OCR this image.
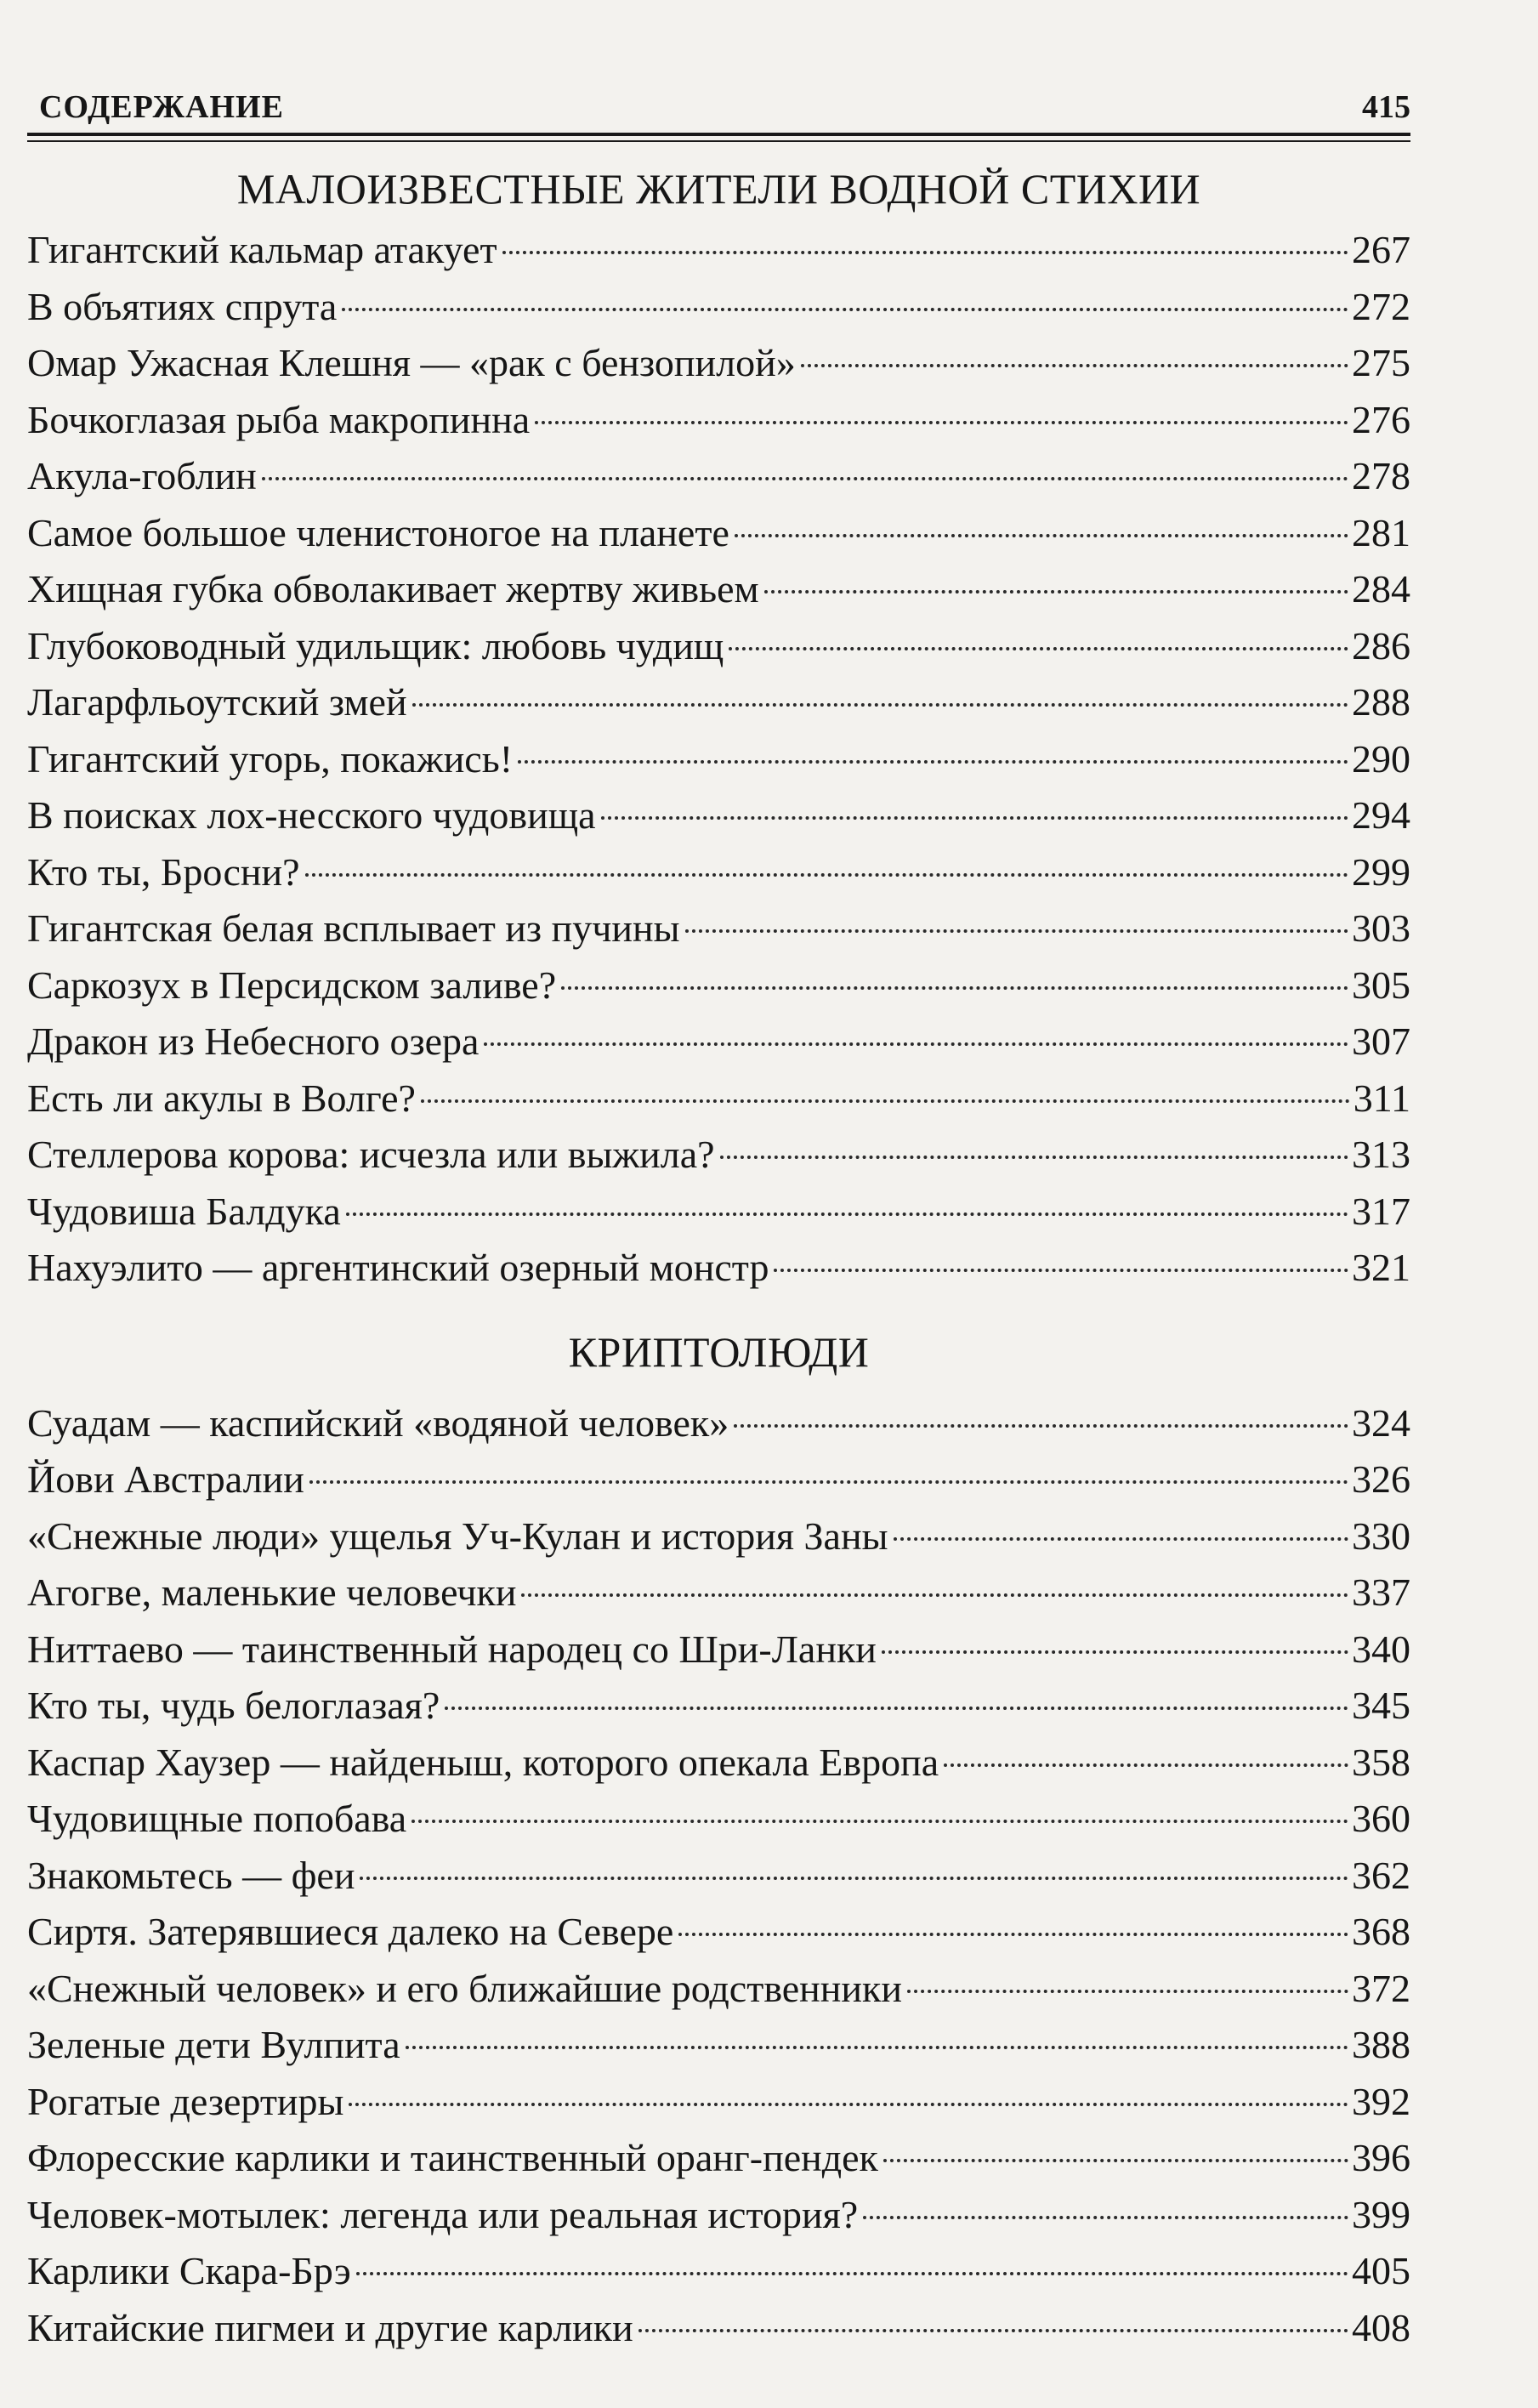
СОДЕРЖАНИЕ	415
МАЛОИЗВЕСТНЫЕ ЖИТЕЛИ ВОДНОЙ СТИХИИ
Гигантский кальмар атакует	267
В объятиях спрута	272
Омар Ужасная Клешня — «рак с бензопилой»	275
Бочкоглазая рыба макропинна	276
Акула-гоблин	278
Самое большое членистоногое на планете	281
Хищная губка обволакивает жертву живьем	284
Глубоководный удильщик: любовь чудищ	286
Лагарфльоутский змей	288
Гигантский угорь, покажись!	290
В поисках лох-несского чудовища	294
Кто ты, Бросни?	299
Гигантская белая всплывает из пучины	303
Саркозух в Персидском заливе?	305
Дракон из Небесного озера	307
Есть ли акулы в Волге?	311
Стеллерова корова: исчезла или выжила?	313
Чудовиша Балдука	317
Нахуэлито — аргентинский озерный монстр	321
КРИПТОЛЮДИ
Суадам — каспийский «водяной человек»	324
Йови Австралии	326
«Снежные люди» ущелья Уч-Кулан и история Заны	330
Агогве, маленькие человечки	337
Ниттаево — таинственный народец со Шри-Ланки	340
Кто ты, чудь белоглазая?	345
Каспар Хаузер — найденыш, которого опекала Европа	358
Чудовищные попобава	360
Знакомьтесь — феи	362
Сиртя. Затерявшиеся далеко на Севере	368
«Снежный человек» и его ближайшие родственники	372
Зеленые дети Вулпита	388
Рогатые дезертиры	392
Флоресские карлики и таинственный оранг-пендек	396
Человек-мотылек: легенда или реальная история?	399
Карлики Скара-Брэ	405
Китайские пигмеи и другие карлики	408
